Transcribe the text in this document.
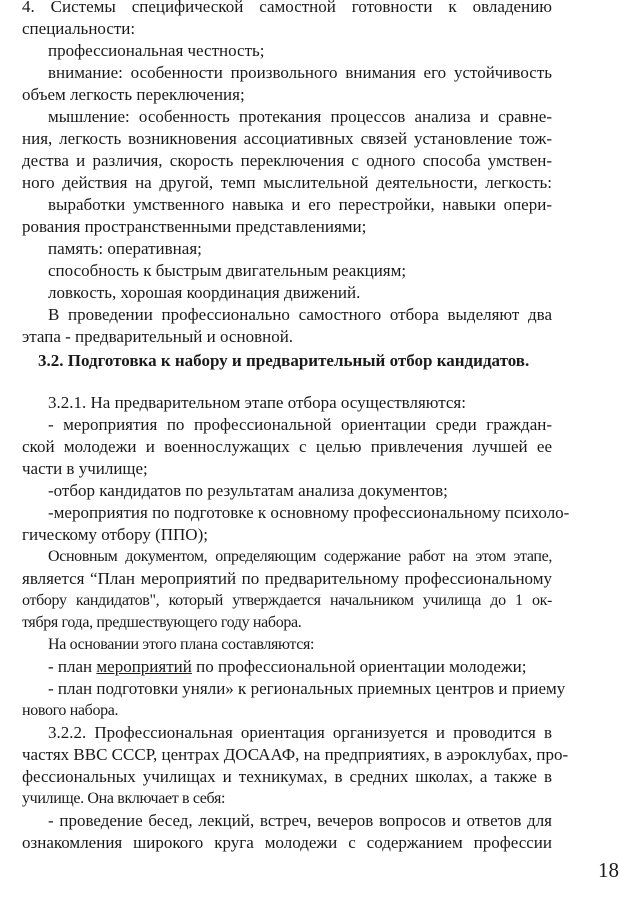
4. Системы специфической самостной готовности к овладению

специальности:

профессиональная честность;

внимание: особенности произвольного внимания его устойчивость

объем легкость переключения;

мышление: особенность протекания процессов анализа и сравне-

ния, легкость возникновения ассоциативных связей установление тож-

дества и различия, скорость переключения с одного способа умствен-

ного действия на другой, темп мыслительной деятельности, легкость:

выработки умственного навыка и его перестройки, навыки опери-

рования пространственными представлениями;

память: оперативная;

способность к быстрым двигательным реакциям;

ловкость, хорошая координация движений.

В проведении профессионально самостного отбора выделяют два

этапа - предварительный и основной.

3.2. Подготовка к набору и предварительный отбор кандидатов.

3.2.1. На предварительном этапе отбора осуществляются:

- мероприятия по профессиональной ориентации среди граждан-

ской молодежи и военнослужащих с целью привлечения лучшей ее

части в училище;

-отбор кандидатов по результатам анализа документов;

-мероприятия по подготовке к основному профессиональному психоло-

гическому отбору (ППО);

Основным документом, определяющим содержание работ на этом этапе,

является “План мероприятий по предварительному профессиональному

отбору кандидатов", который утверждается начальником училища до 1 ок-

тября года, предшествующего году набора.

На основании этого плана составляются:

- план мероприятий по профессиональной ориентации молодежи;

- план подготовки уняли» к региональных приемных центров и приему

нового набора.

3.2.2. Профессиональная ориентация организуется и проводится в

частях ВВС СССР, центрах ДОСААФ, на предприятиях, в аэроклубах, про-

фессиональных училищах и техникумах, в средних школах, а также в

училище. Она включает в себя:

- проведение бесед, лекций, встреч, вечеров вопросов и ответов для

ознакомления широкого круга молодежи с содержанием профессии

18
